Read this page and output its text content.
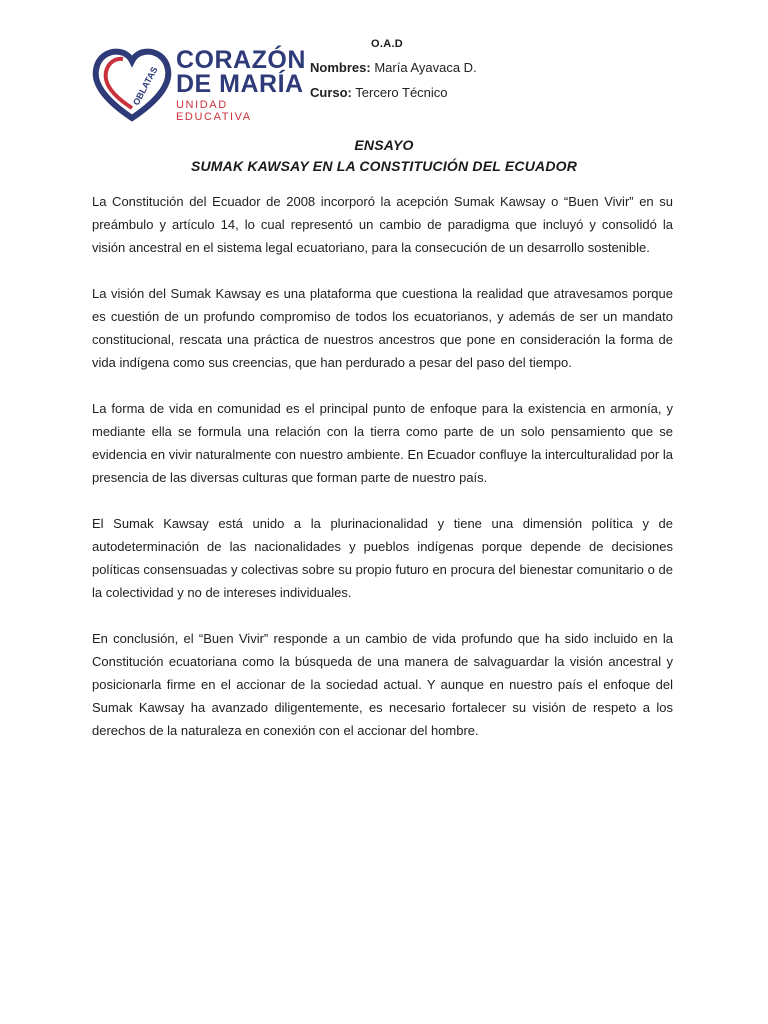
OBLATAS
CORAZÓN
DE MARÍA
UNIDAD EDUCATIVA
O.A.D
Nombres: María Ayavaca D.
Curso: Tercero Técnico
ENSAYO
SUMAK KAWSAY EN LA CONSTITUCIÓN DEL ECUADOR

La Constitución del Ecuador de 2008 incorporó la acepción Sumak Kawsay o “Buen Vivir” en su preámbulo y artículo 14, lo cual representó un cambio de paradigma que incluyó y consolidó la visión ancestral en el sistema legal ecuatoriano, para la consecución de un desarrollo sostenible.

La visión del Sumak Kawsay es una plataforma que cuestiona la realidad que atravesamos porque es cuestión de un profundo compromiso de todos los ecuatorianos, y además de ser un mandato constitucional, rescata una práctica de nuestros ancestros que pone en consideración la forma de vida indígena como sus creencias, que han perdurado a pesar del paso del tiempo.

La forma de vida en comunidad es el principal punto de enfoque para la existencia en armonía, y mediante ella se formula una relación con la tierra como parte de un solo pensamiento que se evidencia en vivir naturalmente con nuestro ambiente. En Ecuador confluye la interculturalidad por la presencia de las diversas culturas que forman parte de nuestro país.

El Sumak Kawsay está unido a la plurinacionalidad y tiene una dimensión política y de autodeterminación de las nacionalidades y pueblos indígenas porque depende de decisiones políticas consensuadas y colectivas sobre su propio futuro en procura del bienestar comunitario o de la colectividad y no de intereses individuales.

En conclusión, el “Buen Vivir” responde a un cambio de vida profundo que ha sido incluido en la Constitución ecuatoriana como la búsqueda de una manera de salvaguardar la visión ancestral y posicionarla firme en el accionar de la sociedad actual. Y aunque en nuestro país el enfoque del Sumak Kawsay ha avanzado diligentemente, es necesario fortalecer su visión de respeto a los derechos de la naturaleza en conexión con el accionar del hombre.
